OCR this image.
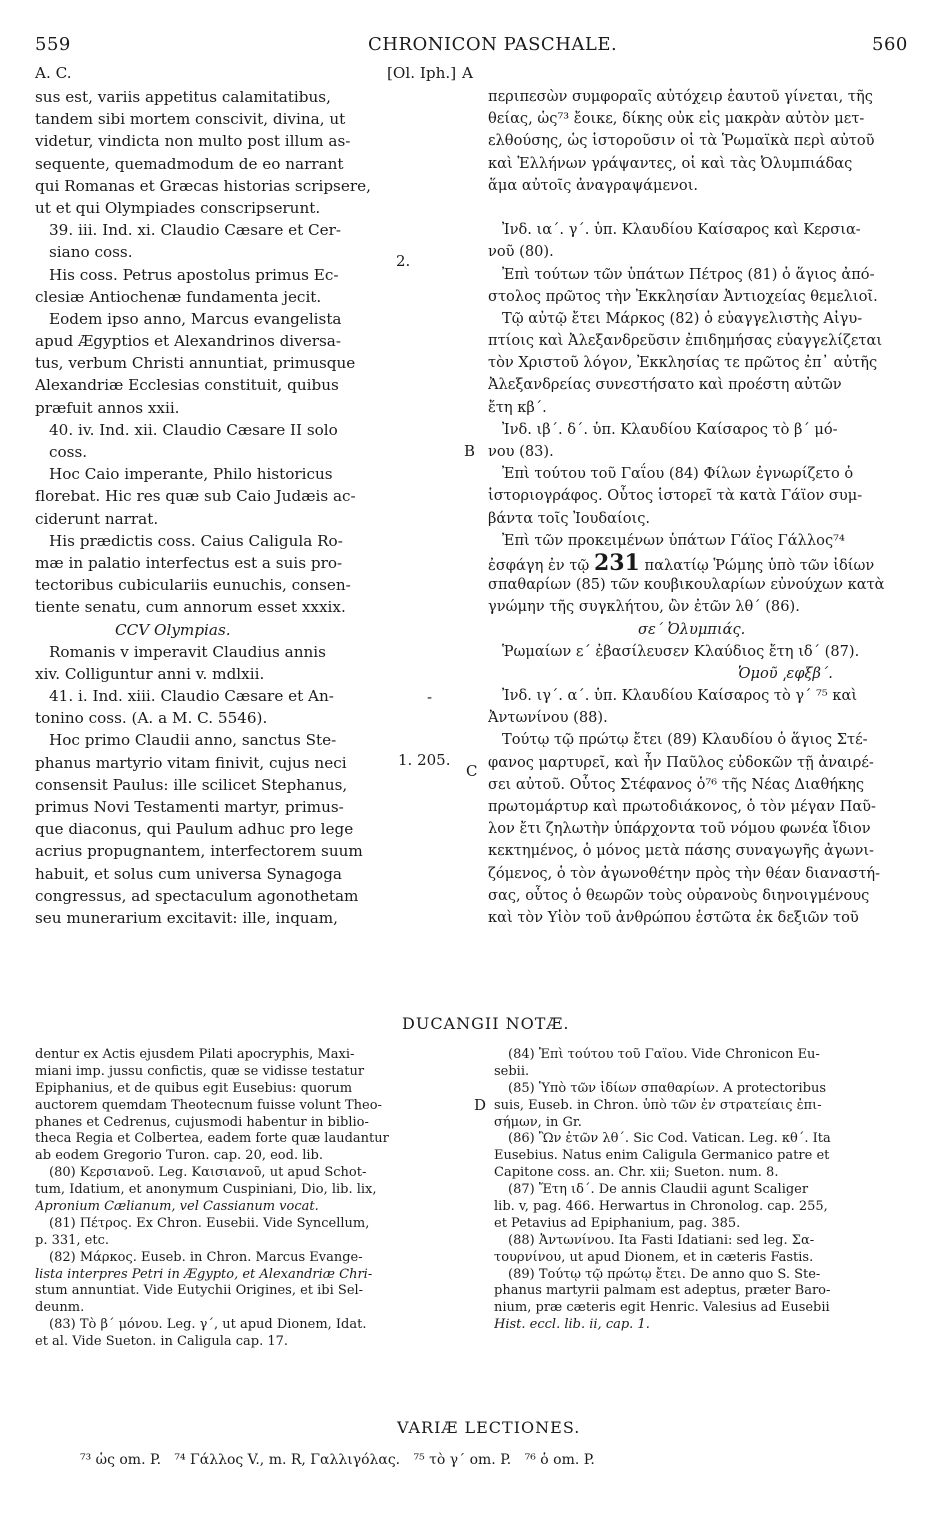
559	CHRONICON PASCHALE.	560
A. C.	[Ol. Iph.] A
2.
B
-
1. 205.
C
D
sus est, variis appetitus calamitatibus,
tandem sibi mortem conscivit, divina, ut
videtur, vindicta non multo post illum as-
sequente, quemadmodum de eo narrant
qui Romanas et Græcas historias scripsere,
ut et qui Olympiades conscripserunt.
39. iii. Ind. xi. Claudio Cæsare et Cer-
siano coss.
His coss. Petrus apostolus primus Ec-
clesiæ Antiochenæ fundamenta jecit.
Eodem ipso anno, Marcus evangelista
apud Ægyptios et Alexandrinos diversa-
tus, verbum Christi annuntiat, primusque
Alexandriæ Ecclesias constituit, quibus
præfuit annos xxii.
40. iv. Ind. xii. Claudio Cæsare II solo
coss.
Hoc Caio imperante, Philo historicus
florebat. Hic res quæ sub Caio Judæis ac-
ciderunt narrat.
His prædictis coss. Caius Caligula Ro-
mæ in palatio interfectus est a suis pro-
tectoribus cubiculariis eunuchis, consen-
tiente senatu, cum annorum esset xxxix.
CCV Olympias.
Romanis v imperavit Claudius annis
xiv. Colliguntur anni v. mdlxii.
41. i. Ind. xiii. Claudio Cæsare et An-
tonino coss. (A. a M. C. 5546).
Hoc primo Claudii anno, sanctus Ste-
phanus martyrio vitam finivit, cujus neci
consensit Paulus: ille scilicet Stephanus,
primus Novi Testamenti martyr, primus-
que diaconus, qui Paulum adhuc pro lege
acrius propugnantem, interfectorem suum
habuit, et solus cum universa Synagoga
congressus, ad spectaculum agonothetam
seu munerarium excitavit: ille, inquam,
περιπεσὼν συμφοραῖς αὐτόχειρ ἑαυτοῦ γίνεται, τῆς
θείας, ὡς⁷³ ἔοικε, δίκης οὐκ εἰς μακρὰν αὐτὸν μετ-
ελθούσης, ὡς ἱστοροῦσιν οἱ τὰ Ῥωμαϊκὰ περὶ αὐτοῦ
καὶ Ἑλλήνων γράψαντες, οἱ καὶ τὰς Ὀλυμπιάδας
ἅμα αὐτοῖς ἀναγραψάμενοι.
Ἰνδ. ια΄. γ΄. ὑπ. Κλαυδίου Καίσαρος καὶ Κερσια-
νοῦ (80).
Ἐπὶ τούτων τῶν ὑπάτων Πέτρος (81) ὁ ἅγιος ἀπό-
στολος πρῶτος τὴν Ἐκκλησίαν Ἀντιοχείας θεμελιοῖ.
Τῷ αὐτῷ ἔτει Μάρκος (82) ὁ εὐαγγελιστὴς Αἰγυ-
πτίοις καὶ Ἀλεξανδρεῦσιν ἐπιδημήσας εὐαγγελίζεται
τὸν Χριστοῦ λόγον, Ἐκκλησίας τε πρῶτος ἐπ᾿ αὐτῆς
Ἀλεξανδρείας συνεστήσατο καὶ προέστη αὐτῶν
ἔτη κβ΄.
Ἰνδ. ιβ΄. δ΄. ὑπ. Κλαυδίου Καίσαρος τὸ β΄ μό-
νου (83).
Ἐπὶ τούτου τοῦ Γαΐου (84) Φίλων ἐγνωρίζετο ὁ
ἱστοριογράφος. Οὗτος ἱστορεῖ τὰ κατὰ Γάϊον συμ-
βάντα τοῖς Ἰουδαίοις.
Ἐπὶ τῶν προκειμένων ὑπάτων Γάϊος Γάλλος⁷⁴
ἐσφάγη ἐν τῷ 231 παλατίῳ Ῥώμης ὑπὸ τῶν ἰδίων
σπαθαρίων (85) τῶν κουβικουλαρίων εὐνούχων κατὰ
γνώμην τῆς συγκλήτου, ὢν ἐτῶν λθ΄ (86).
σε΄ Ὀλυμπιάς.
Ῥωμαίων ε΄ ἐβασίλευσεν Κλαύδιος ἔτη ιδ΄ (87).
Ὁμοῦ ͵εφξβ΄.
Ἰνδ. ιγ΄. α΄. ὑπ. Κλαυδίου Καίσαρος τὸ γ΄ ⁷⁵ καὶ
Ἀντωνίνου (88).
Τούτῳ τῷ πρώτῳ ἔτει (89) Κλαυδίου ὁ ἅγιος Στέ-
φανος μαρτυρεῖ, καὶ ἦν Παῦλος εὐδοκῶν τῇ ἀναιρέ-
σει αὐτοῦ. Οὗτος Στέφανος ὁ⁷⁶ τῆς Νέας Διαθήκης
πρωτομάρτυρ καὶ πρωτοδιάκονος, ὁ τὸν μέγαν Παῦ-
λον ἔτι ζηλωτὴν ὑπάρχοντα τοῦ νόμου φωνέα ἴδιον
κεκτημένος, ὁ μόνος μετὰ πάσης συναγωγῆς ἀγωνι-
ζόμενος, ὁ τὸν ἀγωνοθέτην πρὸς τὴν θέαν διαναστή-
σας, οὗτος ὁ θεωρῶν τοὺς οὐρανοὺς διηνοιγμένους
καὶ τὸν Υἱὸν τοῦ ἀνθρώπου ἑστῶτα ἐκ δεξιῶν τοῦ
DUCANGII NOTÆ.
dentur ex Actis ejusdem Pilati apocryphis, Maxi-
miani imp. jussu confictis, quæ se vidisse testatur
Epiphanius, et de quibus egit Eusebius: quorum
auctorem quemdam Theotecnum fuisse volunt Theo-
phanes et Cedrenus, cujusmodi habentur in biblio-
theca Regia et Colbertea, eadem forte quæ laudantur
ab eodem Gregorio Turon. cap. 20, eod. lib.
(80) Κερσιανοῦ. Leg. Καισιανοῦ, ut apud Schot-
tum, Idatium, et anonymum Cuspiniani, Dio, lib. lix,
Apronium Cælianum, vel Cassianum vocat.
(81) Πέτρος. Ex Chron. Eusebii. Vide Syncellum,
p. 331, etc.
(82) Μάρκος. Euseb. in Chron. Marcus Evange-
lista interpres Petri in Ægypto, et Alexandriæ Chri-
stum annuntiat. Vide Eutychii Origines, et ibi Sel-
deunm.
(83) Τὸ β΄ μόνου. Leg. γ΄, ut apud Dionem, Idat.
et al. Vide Sueton. in Caligula cap. 17.
(84) Ἐπὶ τούτου τοῦ Γαΐου. Vide Chronicon Eu-
sebii.
(85) Ὑπὸ τῶν ἰδίων σπαθαρίων. A protectoribus
suis, Euseb. in Chron. ὑπὸ τῶν ἐν στρατείαις ἐπι-
σήμων, in Gr.
(86) Ὢν ἐτῶν λθ΄. Sic Cod. Vatican. Leg. κθ΄. Ita
Eusebius. Natus enim Caligula Germanico patre et
Capitone coss. an. Chr. xii; Sueton. num. 8.
(87) Ἔτη ιδ΄. De annis Claudii agunt Scaliger
lib. v, pag. 466. Herwartus in Chronolog. cap. 255,
et Petavius ad Epiphanium, pag. 385.
(88) Ἀντωνίνου. Ita Fasti Idatiani: sed leg. Σα-
τουρνίνου, ut apud Dionem, et in cæteris Fastis.
(89) Τούτῳ τῷ πρώτῳ ἔτει. De anno quo S. Ste-
phanus martyrii palmam est adeptus, præter Baro-
nium, præ cæteris egit Henric. Valesius ad Eusebii
Hist. eccl. lib. ii, cap. 1.
VARIÆ LECTIONES.
⁷³ ὡς om. P.   ⁷⁴ Γάλλος V., m. R, Γαλλιγόλας.   ⁷⁵ τὸ γ΄ om. P.   ⁷⁶ ὁ om. P.
